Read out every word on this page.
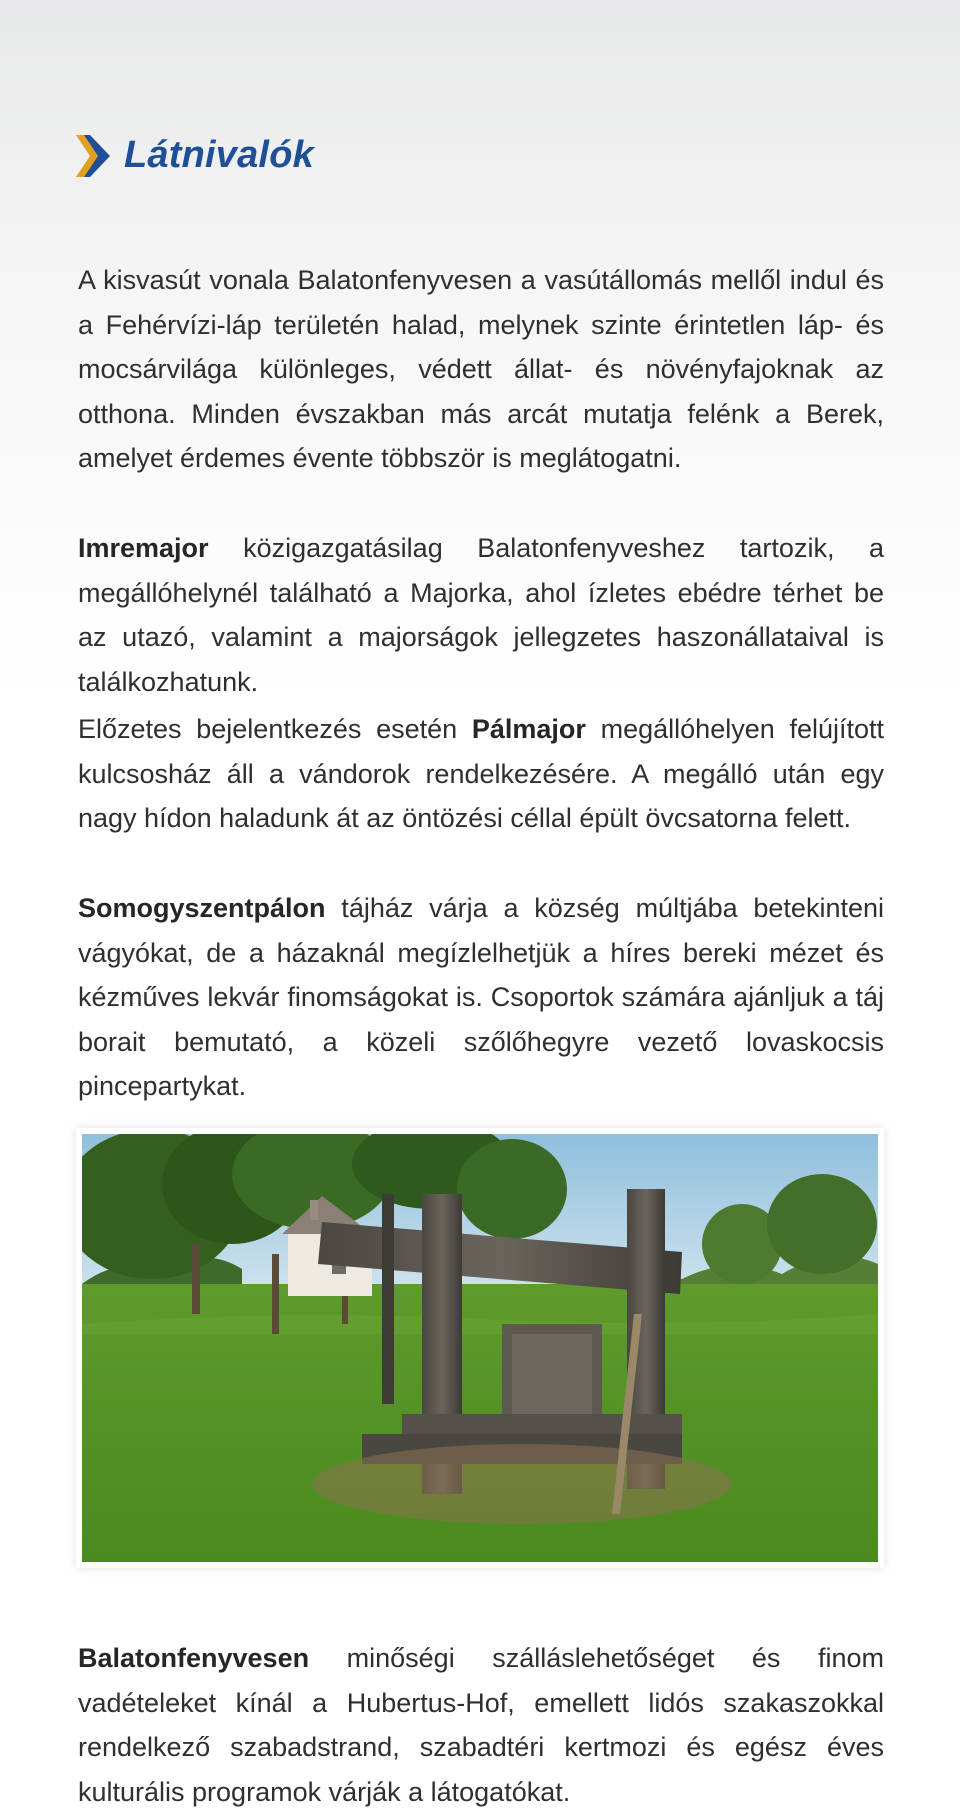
Látnivalók

A kisvasút vonala Balatonfenyvesen a vasútállomás mellől indul és a Fehérvízi-láp területén halad, melynek szinte érintetlen láp- és mocsárvilága különleges, védett állat- és növényfajoknak az otthona. Minden évszakban más arcát mutatja felénk a Berek, amelyet érdemes évente többször is meglátogatni.

Imremajor közigazgatásilag Balatonfenyveshez tartozik, a megállóhelynél található a Majorka, ahol ízletes ebédre térhet be az utazó, valamint a majorságok jellegzetes haszonállataival is találkozhatunk.

Előzetes bejelentkezés esetén Pálmajor megállóhelyen felújított kulcsosház áll a vándorok rendelkezésére. A megálló után egy nagy hídon haladunk át az öntözési céllal épült övcsatorna felett.

Somogyszentpálon tájház várja a község múltjába betekinteni vágyókat, de a házaknál megízlelhetjük a híres bereki mézet és kézműves lekvár finomságokat is. Csoportok számára ajánljuk a táj borait bemutató, a közeli szőlőhegyre vezető lovaskocsis pincepartykat.

Balatonfenyvesen minőségi szálláslehetőséget és finom vadételeket kínál a Hubertus-Hof, emellett lidós szakaszokkal rendelkező szabadstrand, szabadtéri kertmozi és egész éves kulturális programok várják a látogatókat.
